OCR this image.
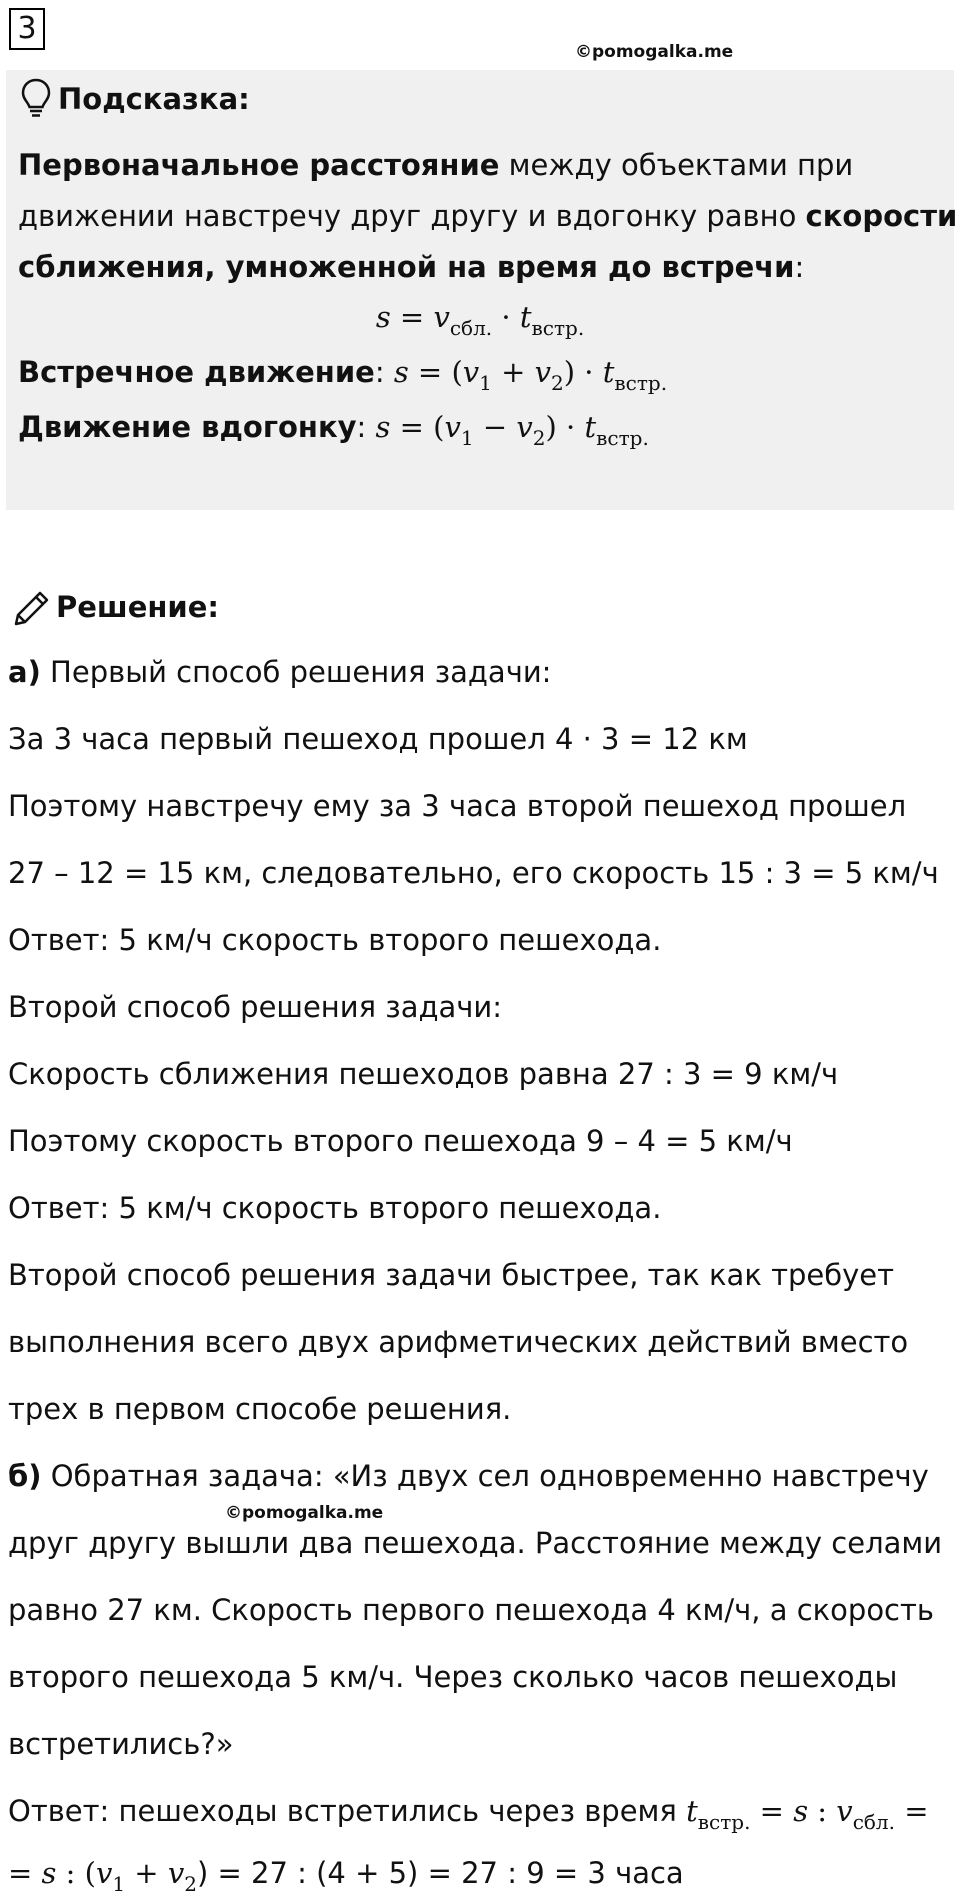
3
©pomogalka.me
Подсказка:
Первоначальное расстояние между объектами при
движении навстречу друг другу и вдогонку равно скорости
сближения, умноженной на время до встречи:
$s = v_{сбл.} \cdot t_{встр.}$
Встречное движение: $s = (v_1 + v_2) \cdot t_{встр.}$
Движение вдогонку: $s = (v_1 - v_2) \cdot t_{встр.}$
Решение:
а) Первый способ решения задачи:
За 3 часа первый пешеход прошел 4 · 3 = 12 км
Поэтому навстречу ему за 3 часа второй пешеход прошел
27 – 12 = 15 км, следовательно, его скорость 15 : 3 = 5 км/ч
Ответ: 5 км/ч скорость второго пешехода.
Второй способ решения задачи:
Скорость сближения пешеходов равна 27 : 3 = 9 км/ч
Поэтому скорость второго пешехода 9 – 4 = 5 км/ч
Ответ: 5 км/ч скорость второго пешехода.
Второй способ решения задачи быстрее, так как требует
выполнения всего двух арифметических действий вместо
трех в первом способе решения.
б) Обратная задача: «Из двух сел одновременно навстречу
©pomogalka.me
друг другу вышли два пешехода. Расстояние между селами
равно 27 км. Скорость первого пешехода 4 км/ч, а скорость
второго пешехода 5 км/ч. Через сколько часов пешеходы
встретились?»
Ответ: пешеходы встретились через время $t_{встр.} = s$ : $v_{сбл.}$ =
= s : $(v_1 + v_2) = 27$ : (4 + 5) = 27 : 9 = 3 часа
